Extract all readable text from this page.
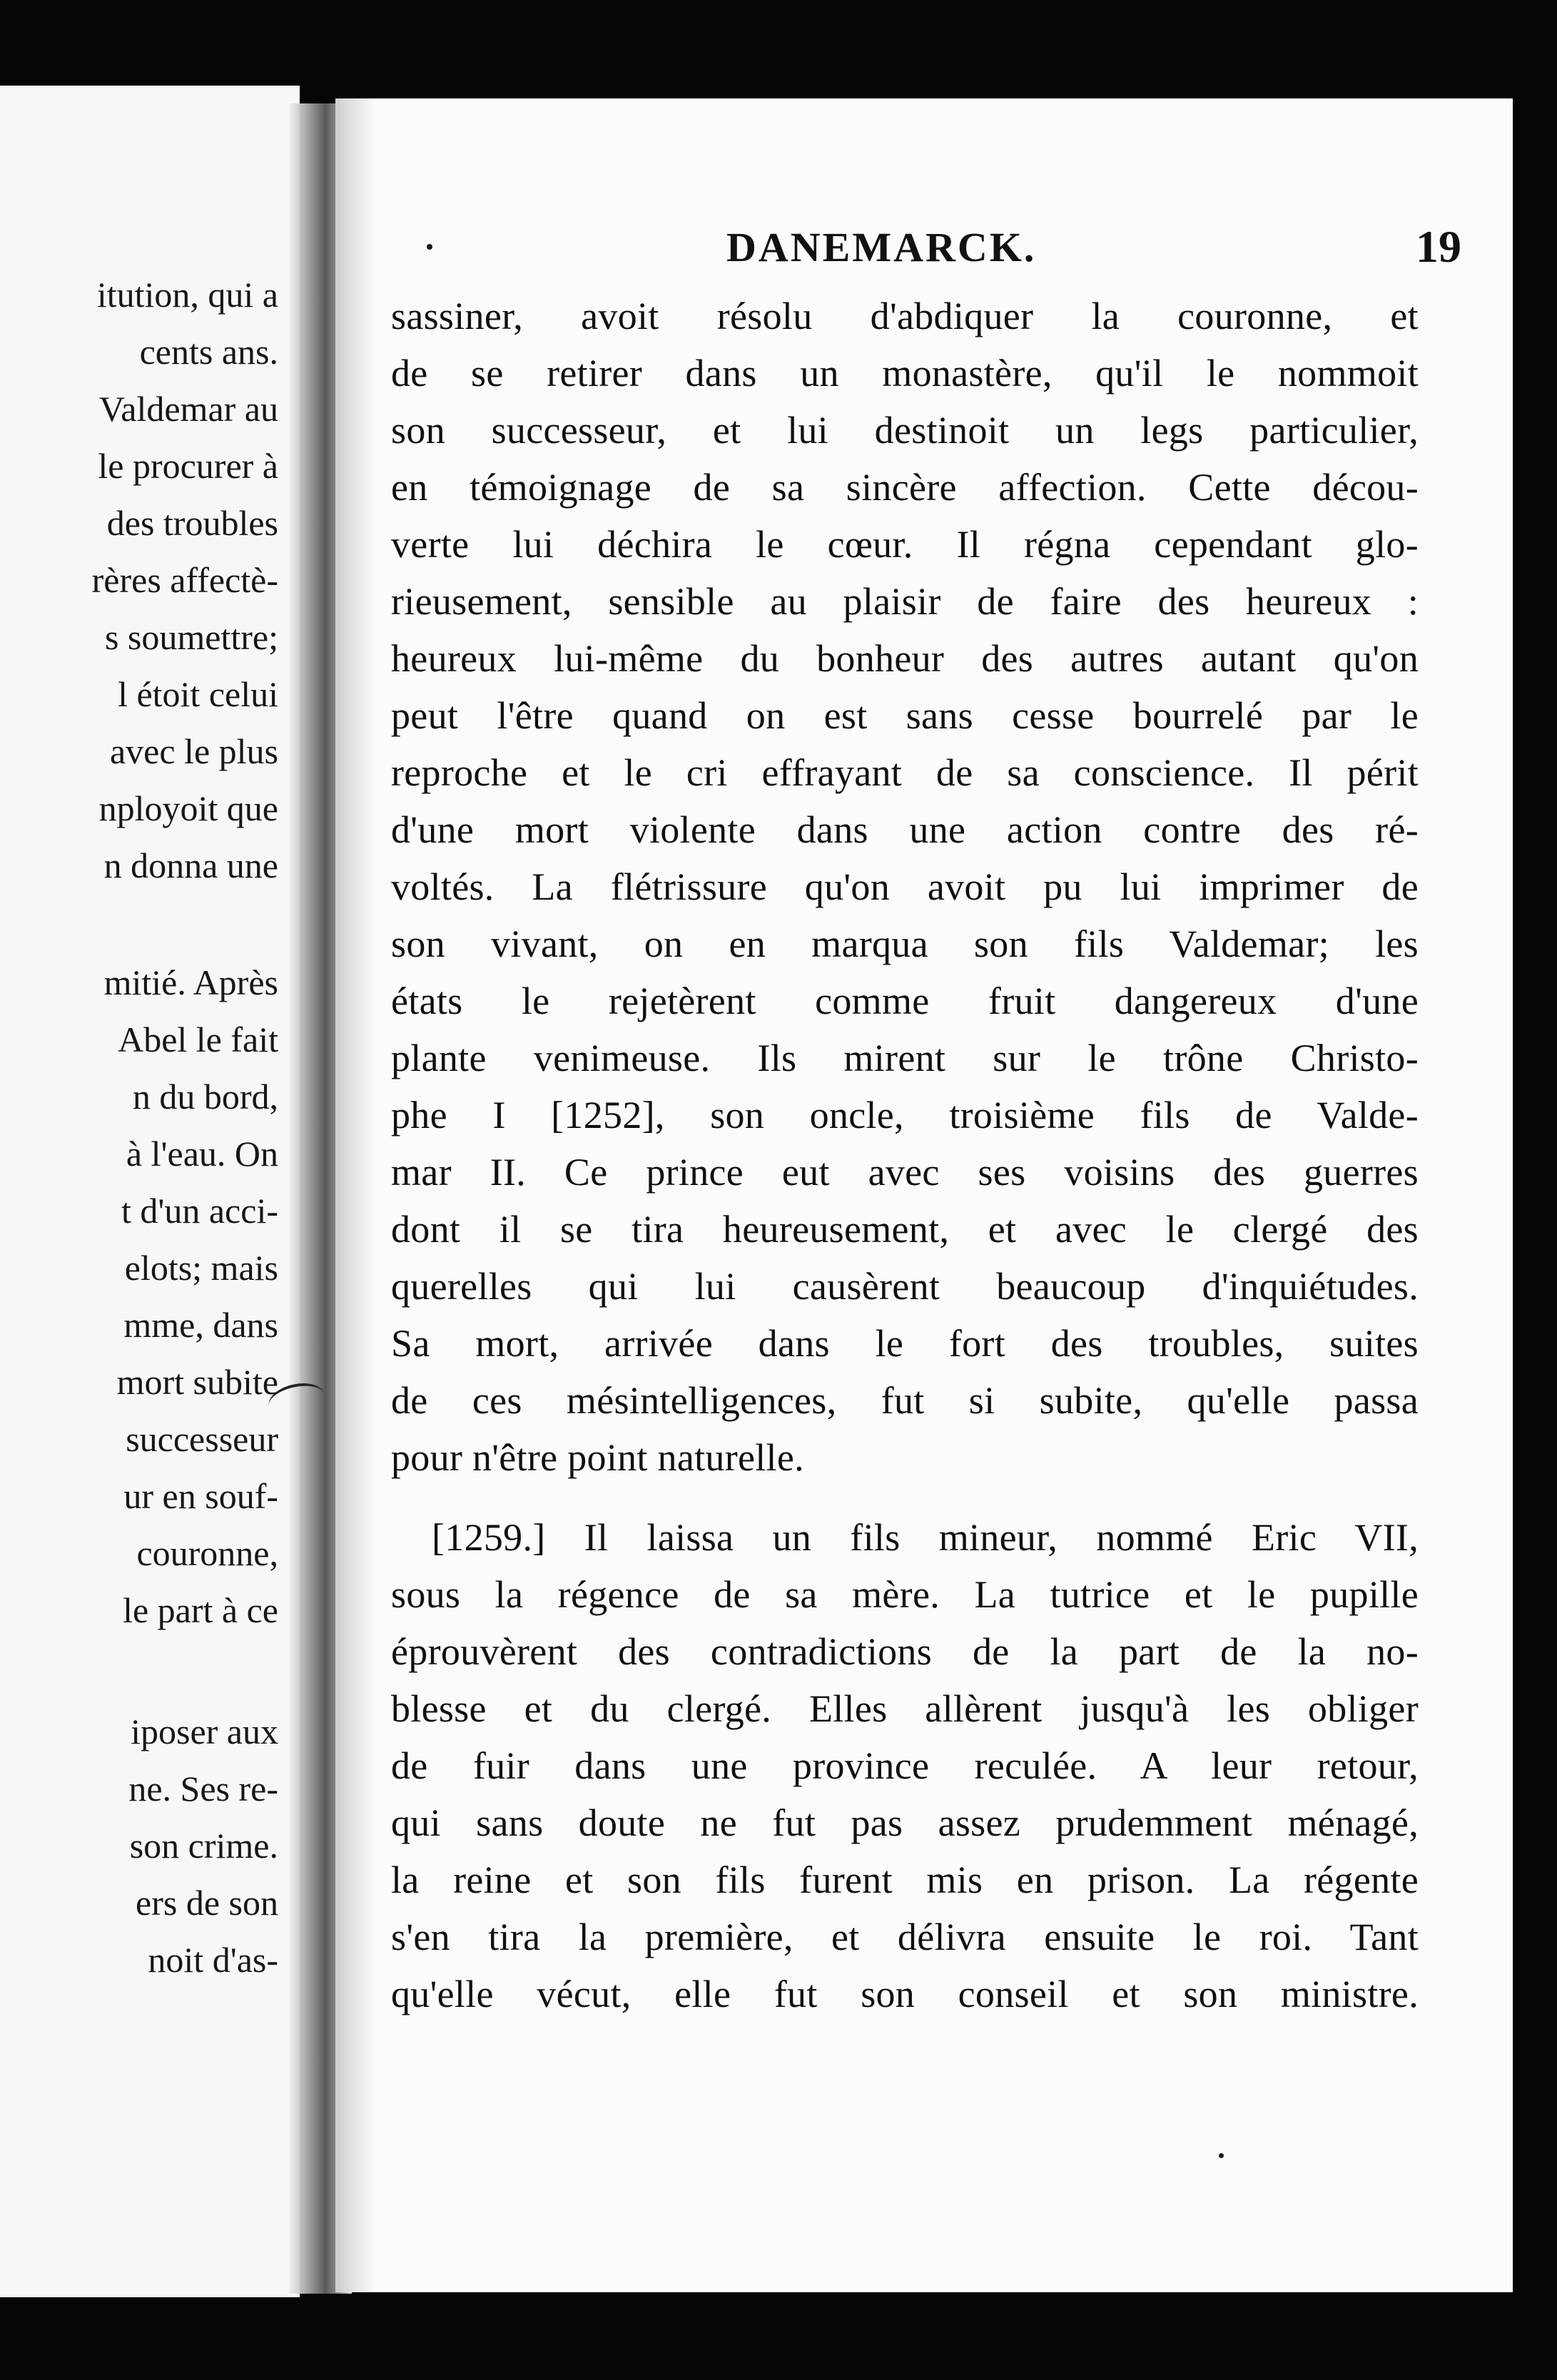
itution, qui a
cents ans.
Valdemar au
le procurer à
des troubles
rères affectè-
s soumettre;
l étoit celui
avec le plus
nployoit que
n donna une
mitié. Après
Abel le fait
n du bord,
à l'eau. On
t d'un acci-
elots; mais
mme, dans
mort subite
successeur
ur en souf-
couronne,
le part à ce
iposer aux
ne. Ses re-
son crime.
ers de son
noit d'as-
DANEMARCK.	19
sassiner, avoit résolu d'abdiquer la couronne, et
de se retirer dans un monastère, qu'il le nommoit
son successeur, et lui destinoit un legs particulier,
en témoignage de sa sincère affection. Cette décou-
verte lui déchira le cœur. Il régna cependant glo-
rieusement, sensible au plaisir de faire des heureux :
heureux lui-même du bonheur des autres autant qu'on
peut l'être quand on est sans cesse bourrelé par le
reproche et le cri effrayant de sa conscience. Il périt
d'une mort violente dans une action contre des ré-
voltés. La flétrissure qu'on avoit pu lui imprimer de
son vivant, on en marqua son fils Valdemar; les
états le rejetèrent comme fruit dangereux d'une
plante venimeuse. Ils mirent sur le trône Christo-
phe I [1252], son oncle, troisième fils de Valde-
mar II. Ce prince eut avec ses voisins des guerres
dont il se tira heureusement, et avec le clergé des
querelles qui lui causèrent beaucoup d'inquiétudes.
Sa mort, arrivée dans le fort des troubles, suites
de ces mésintelligences, fut si subite, qu'elle passa
pour n'être point naturelle.
[1259.] Il laissa un fils mineur, nommé Eric VII,
sous la régence de sa mère. La tutrice et le pupille
éprouvèrent des contradictions de la part de la no-
blesse et du clergé. Elles allèrent jusqu'à les obliger
de fuir dans une province reculée. A leur retour,
qui sans doute ne fut pas assez prudemment ménagé,
la reine et son fils furent mis en prison. La régente
s'en tira la première, et délivra ensuite le roi. Tant
qu'elle vécut, elle fut son conseil et son ministre.
